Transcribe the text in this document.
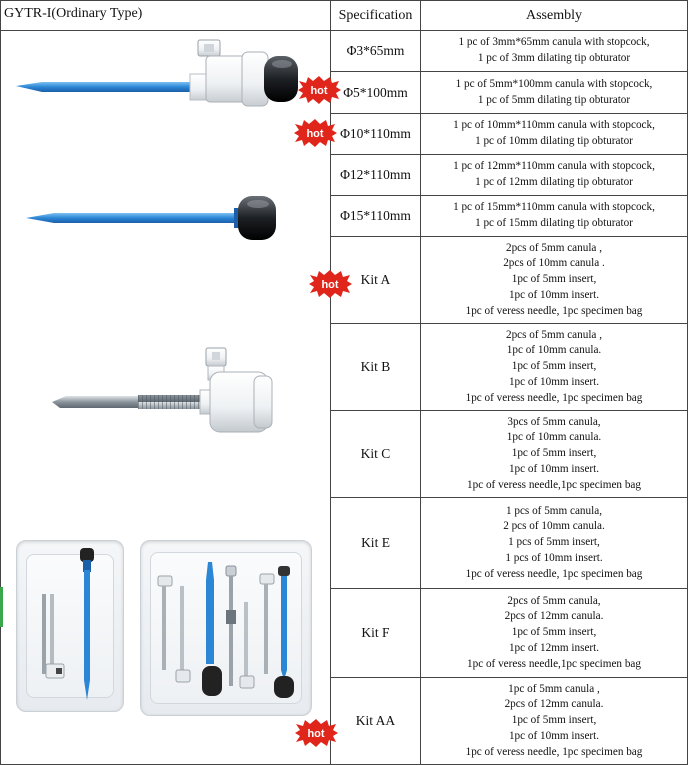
GYTR-I(Ordinary Type)	Specification	Assembly
Φ3*65mm
Φ5*100mm
Φ10*110mm
Φ12*110mm
Φ15*110mm
Kit A
Kit B
Kit C
Kit E
Kit F
Kit AA
1 pc of 3mm*65mm canula with stopcock,
1 pc of 3mm dilating tip obturator
1 pc of 5mm*100mm canula with stopcock,
1 pc of 5mm dilating tip obturator
1 pc of 10mm*110mm canula with stopcock,
1 pc of 10mm dilating tip obturator
1 pc of 12mm*110mm canula with stopcock,
1 pc of 12mm dilating tip obturator
1 pc of 15mm*110mm canula with stopcock,
1 pc of 15mm dilating tip obturator
2pcs of 5mm canula ,
2pcs of 10mm canula .
1pc of 5mm insert,
1pc of 10mm insert.
1pc of veress needle, 1pc specimen bag
2pcs of 5mm canula ,
1pc of 10mm canula.
1pc of 5mm insert,
1pc of 10mm insert.
1pc of veress needle, 1pc specimen bag
3pcs of 5mm canula,
1pc of 10mm canula.
1pc of 5mm insert,
1pc of 10mm insert.
1pc of veress needle,1pc specimen bag
1 pcs of 5mm canula,
2 pcs of 10mm canula.
1 pcs of 5mm insert,
1 pcs of 10mm insert.
1pc of veress needle, 1pc specimen bag
2pcs of 5mm canula,
2pcs of 12mm canula.
1pc of 5mm insert,
1pc of 12mm insert.
1pc of veress needle,1pc specimen bag
1pc of 5mm canula ,
2pcs of 12mm canula.
1pc of 5mm insert,
1pc of 10mm insert.
1pc of veress needle, 1pc specimen bag
hot
hot
hot
hot
